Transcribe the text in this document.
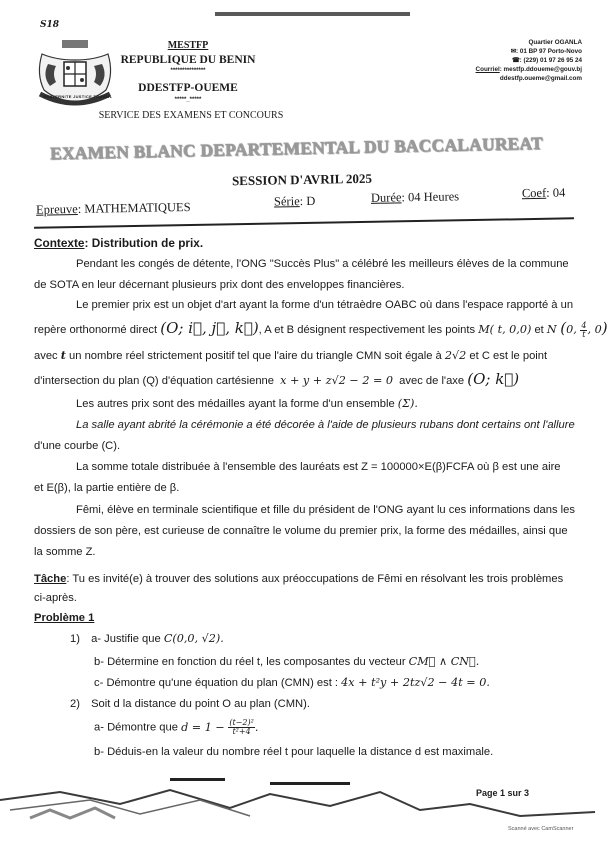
S18
FRATERNITE JUSTICE TRAVAIL
MESTFP
REPUBLIQUE DU BENIN
***************
DDESTFP-OUEME
*****_*****
SERVICE DES EXAMENS ET CONCOURS
Quartier OGANLA
✉: 01 BP 97 Porto-Novo
☎: (229) 01 97 26 95 24
Courriel: mestfp.ddoueme@gouv.bj
ddestfp.oueme@gmail.com
EXAMEN BLANC DEPARTEMENTAL DU BACCALAUREAT
SESSION D'AVRIL 2025
Epreuve: MATHEMATIQUES	Série: D	Durée: 04 Heures	Coef: 04
Contexte: Distribution de prix.
Pendant les congés de détente, l'ONG "Succès Plus" a célébré les meilleurs élèves de la commune
de SOTA en leur décernant plusieurs prix dont des enveloppes financières.
Le premier prix est un objet d'art ayant la forme d'un tétraèdre OABC où dans l'espace rapporté à un
repère orthonormé direct (O; i⃗, j⃗, k⃗), A et B désignent respectivement les points M( t, 0,0) et N (0, $\frac{4}{t}$ , 0)
avec t un nombre réel strictement positif tel que l'aire du triangle CMN soit égale à 2√2 et C est le point
d'intersection du plan (Q) d'équation cartésienne x + y + z√2 − 2 = 0 avec de l'axe (O; k⃗)
Les autres prix sont des médailles ayant la forme d'un ensemble (Σ).
La salle ayant abrité la cérémonie a été décorée à l'aide de plusieurs rubans dont certains ont l'allure
d'une courbe (C).
La somme totale distribuée à l'ensemble des lauréats est Z = 100000×E(β)FCFA où β est une aire
et E(β), la partie entière de β.
Fêmi, élève en terminale scientifique et fille du président de l'ONG ayant lu ces informations dans les
dossiers de son père, est curieuse de connaître le volume du premier prix, la forme des médailles, ainsi que
la somme Z.
Tâche: Tu es invité(e) à trouver des solutions aux préoccupations de Fêmi en résolvant les trois problèmes
ci-après.
Problème 1
1) a- Justifie que C(0,0, √2).
b- Détermine en fonction du réel t, les composantes du vecteur CM⃗ ∧ CN⃗.
c- Démontre qu'une équation du plan (CMN) est : 4x + t²y + 2tz√2 − 4t = 0.
2) Soit d la distance du point O au plan (CMN).
a- Démontre que $d = 1 - \frac{\text{(t−2)²}}{\text{t²+4}}$ .
b- Déduis-en la valeur du nombre réel t pour laquelle la distance d est maximale.
Page 1 sur 3
Scanné avec CamScanner
